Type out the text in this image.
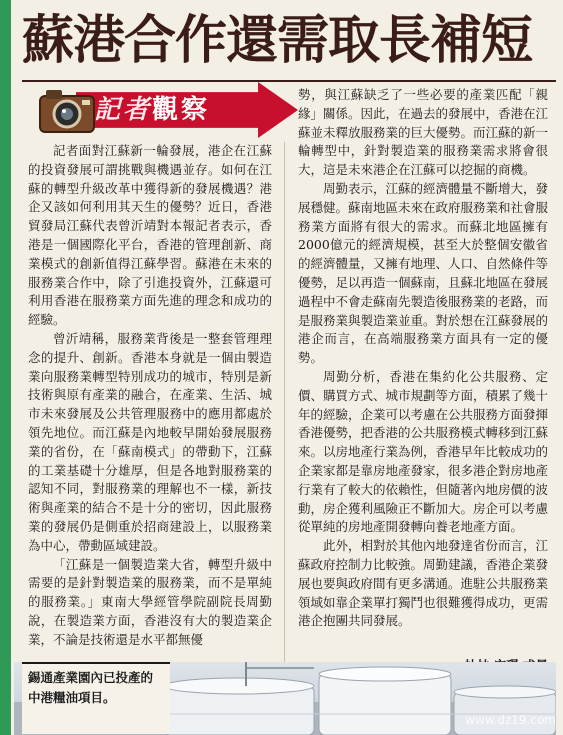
蘇港合作還需取長補短
記者觀察

記者面對江蘇新一輪發展，港企在江蘇的投資發展可謂挑戰與機遇並存。如何在江蘇的轉型升級改革中獲得新的發展機遇？港企又該如何利用其天生的優勢？近日，香港貿發局江蘇代表曾沂靖對本報記者表示，香港是一個國際化平台，香港的管理創新、商業模式的創新值得江蘇學習。蘇港在未來的服務業合作中，除了引進投資外，江蘇還可利用香港在服務業方面先進的理念和成功的經驗。

曾沂靖稱，服務業背後是一整套管理理念的提升、創新。香港本身就是一個由製造業向服務業轉型特別成功的城市，特別是新技術與原有產業的融合，在產業、生活、城市未來發展及公共管理服務中的應用都處於領先地位。而江蘇是內地較早開始發展服務業的省份，在「蘇南模式」的帶動下，江蘇的工業基礎十分雄厚，但是各地對服務業的認知不同，對服務業的理解也不一樣，新技術與產業的結合不是十分的密切，因此服務業的發展仍是側重於招商建設上，以服務業為中心，帶動區域建設。

「江蘇是一個製造業大省，轉型升級中需要的是針對製造業的服務業，而不是單純的服務業。」東南大學經管學院副院長周勤說，在製造業方面，香港沒有大的製造業企業，不論是技術還是水平都無優

勢，與江蘇缺乏了一些必要的產業匹配「親緣」關係。因此，在過去的發展中，香港在江蘇並未釋放服務業的巨大優勢。而江蘇的新一輪轉型中，針對製造業的服務業需求將會很大，這是未來港企在江蘇可以挖掘的商機。

周勤表示，江蘇的經濟體量不斷增大，發展穩健。蘇南地區未來在政府服務業和社會服務業方面將有很大的需求。而蘇北地區擁有2000億元的經濟規模，甚至大於整個安徽省的經濟體量，又擁有地理、人口、自然條件等優勢，足以再造一個蘇南，且蘇北地區在發展過程中不會走蘇南先製造後服務業的老路，而是服務業與製造業並重。對於想在江蘇發展的港企而言，在高端服務業方面具有一定的優勢。

周勤分析，香港在集約化公共服務、定價、購買方式、城市規劃等方面，積累了幾十年的經驗，企業可以考慮在公共服務方面發揮香港優勢，把香港的公共服務模式轉移到江蘇來。以房地產行業為例，香港早年比較成功的企業家都是靠房地產發家，很多港企對房地產行業有了較大的依賴性，但隨著內地房價的波動，房企獲利風險正不斷加大。房企可以考慮從單純的房地產開發轉向養老地產方面。

此外，相對於其他內地發達省份而言，江蘇政府控制力比較強。周勤建議，香港企業發展也要與政府間有更多溝通。進駐公共服務業領域如靠企業單打獨鬥也很難獲得成功，更需港企抱團共同發展。

錫通產業園內已投產的中港糧油項目。
www.dz19.com
